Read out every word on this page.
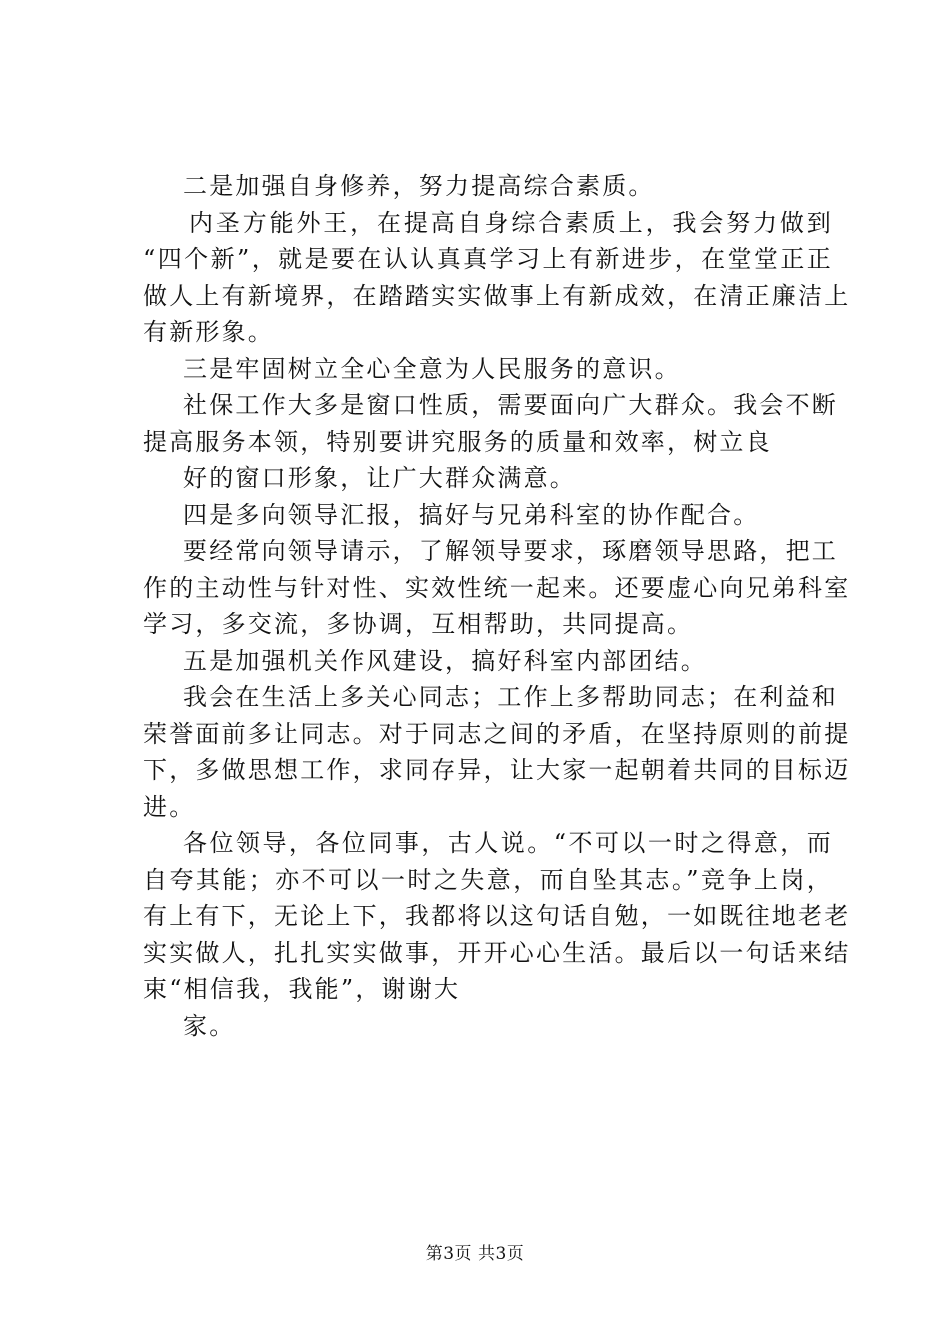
二是加强自身修养，努力提高综合素质。
内圣方能外王，在提高自身综合素质上，我会努力做到
“四个新”，就是要在认认真真学习上有新进步，在堂堂正正
做人上有新境界，在踏踏实实做事上有新成效，在清正廉洁上
有新形象。
三是牢固树立全心全意为人民服务的意识。
社保工作大多是窗口性质，需要面向广大群众。我会不断
提高服务本领，特别要讲究服务的质量和效率，树立良
好的窗口形象，让广大群众满意。
四是多向领导汇报，搞好与兄弟科室的协作配合。
要经常向领导请示，了解领导要求，琢磨领导思路，把工
作的主动性与针对性、实效性统一起来。还要虚心向兄弟科室
学习，多交流，多协调，互相帮助，共同提高。
五是加强机关作风建设，搞好科室内部团结。
我会在生活上多关心同志；工作上多帮助同志；在利益和
荣誉面前多让同志。对于同志之间的矛盾，在坚持原则的前提
下，多做思想工作，求同存异，让大家一起朝着共同的目标迈
进。
各位领导，各位同事，古人说。“不可以一时之得意，而
自夸其能；亦不可以一时之失意，而自坠其志。”竞争上岗，
有上有下，无论上下，我都将以这句话自勉，一如既往地老老
实实做人，扎扎实实做事，开开心心生活。最后以一句话来结
束“相信我，我能”，谢谢大
家。
第3页 共3页
